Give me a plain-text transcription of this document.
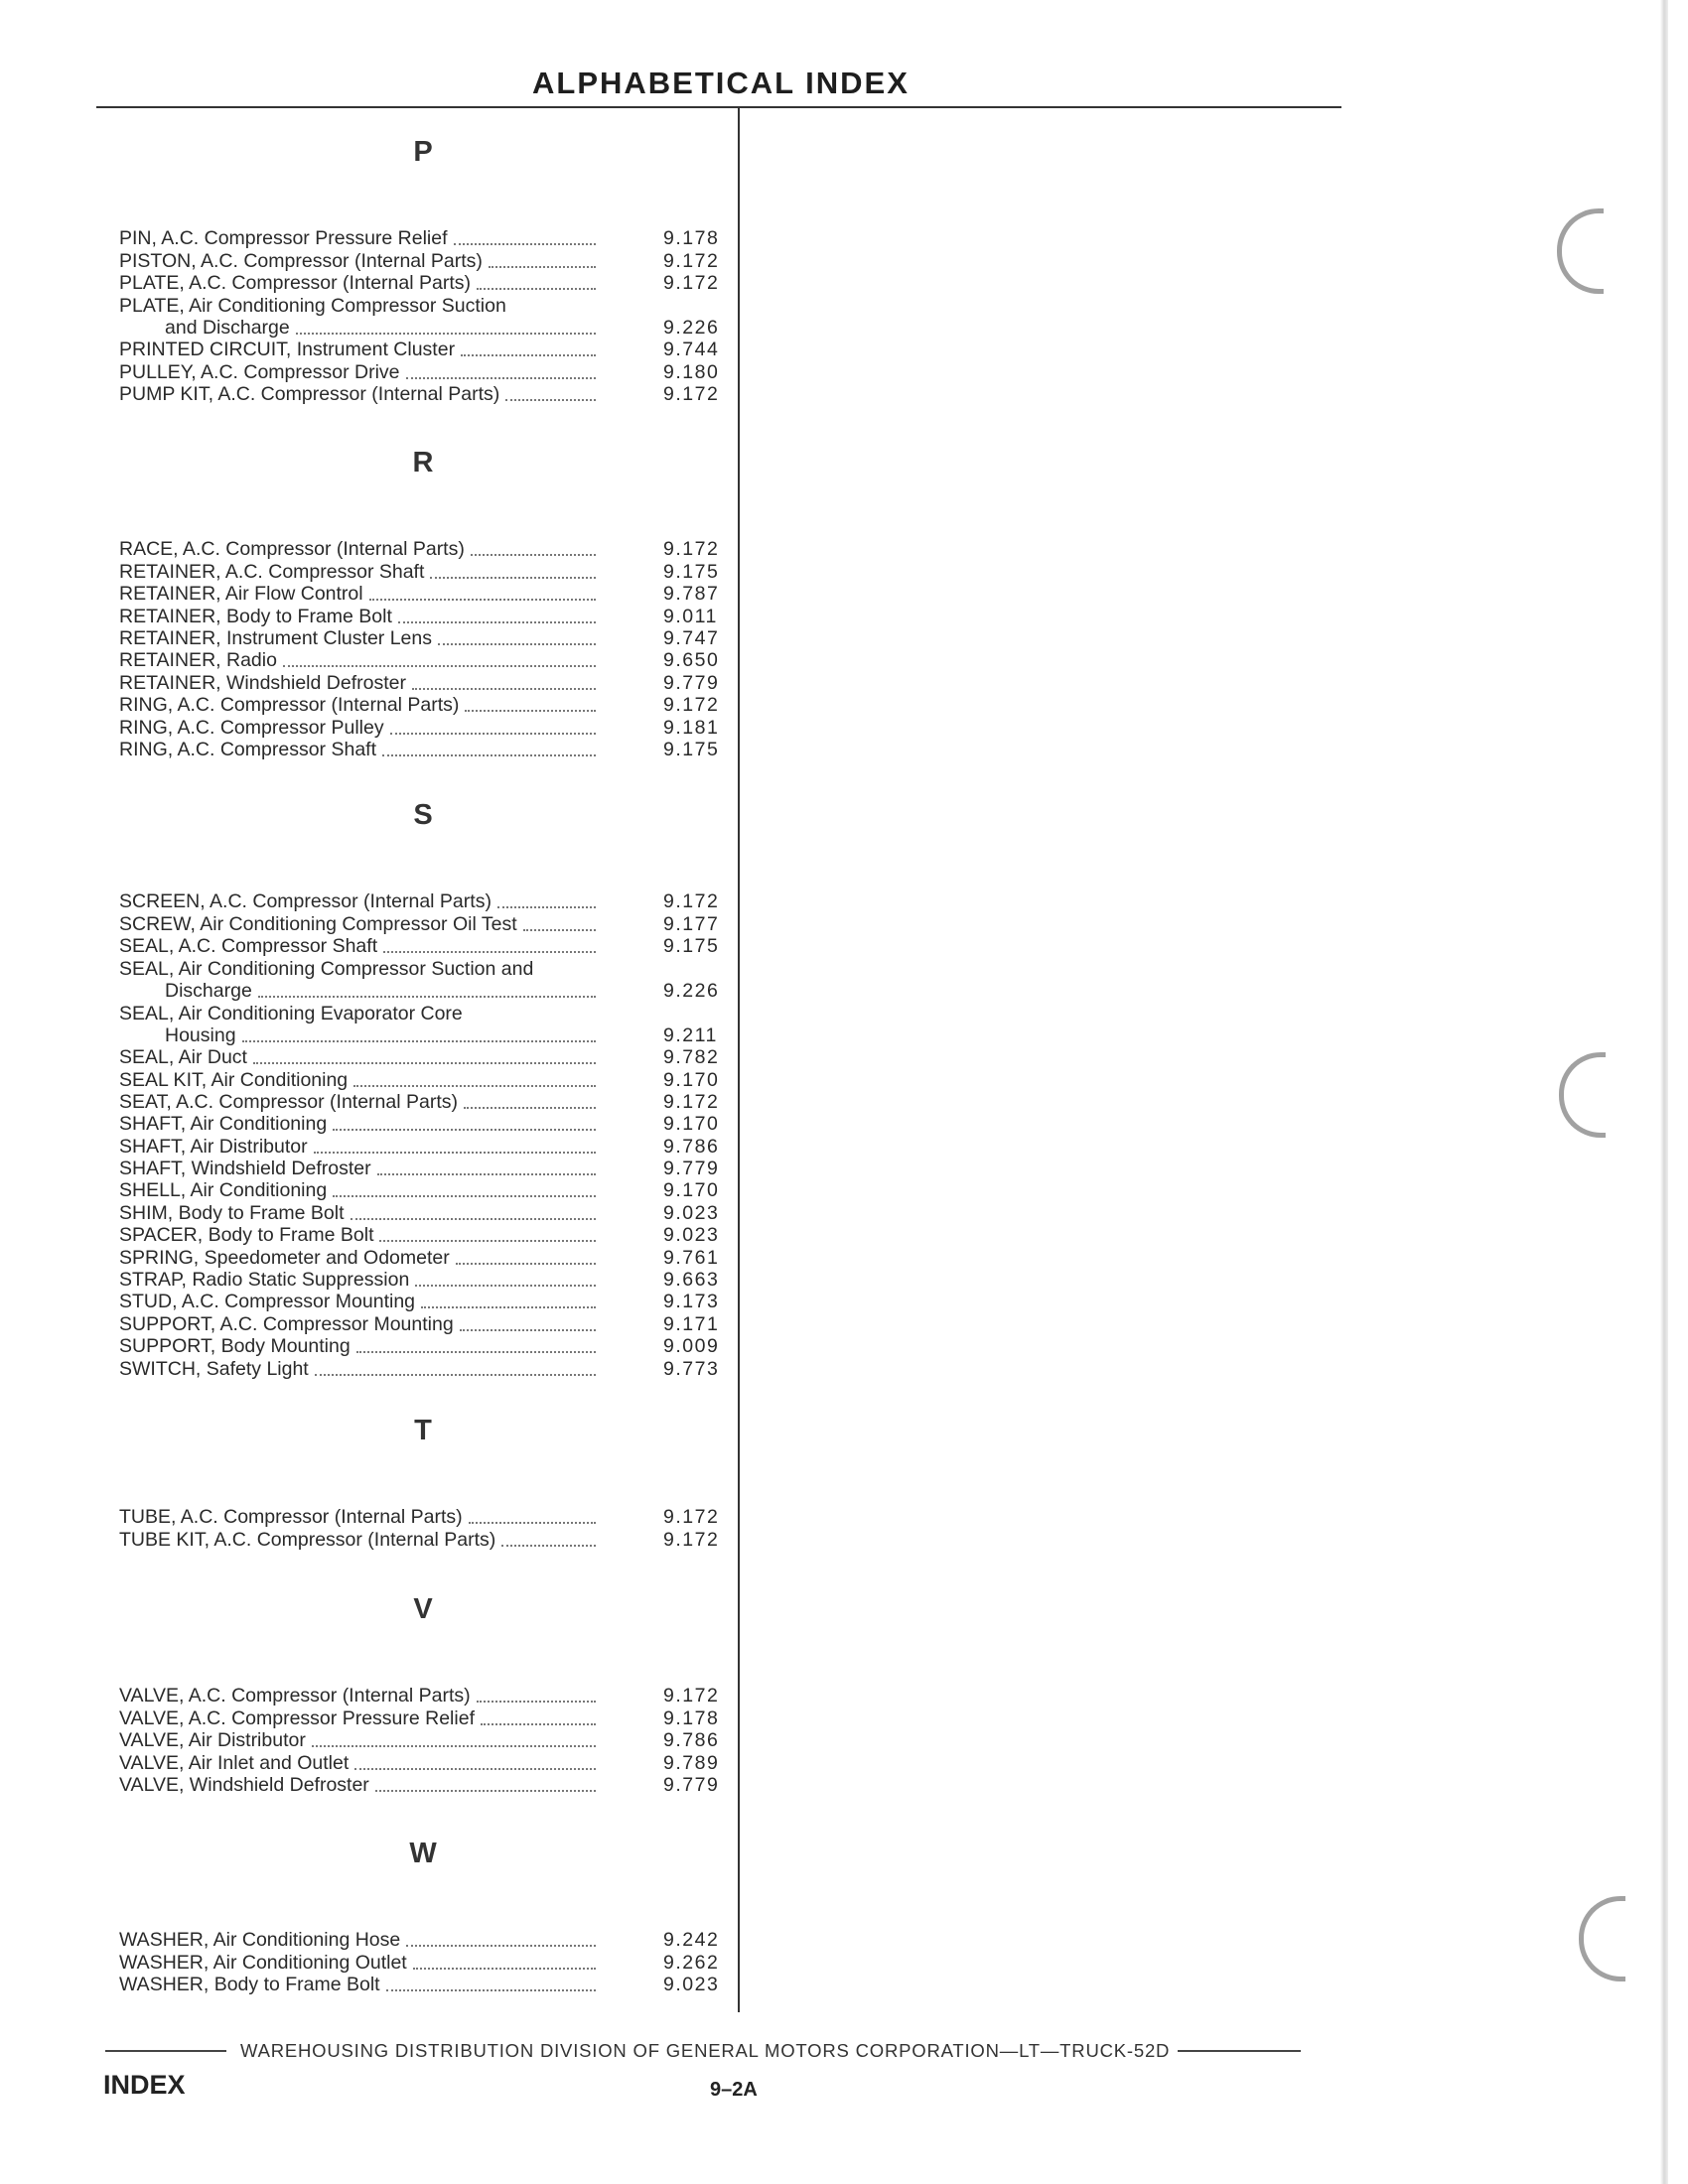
ALPHABETICAL INDEX
P
PIN, A.C. Compressor Pressure Relief	9.178
PISTON, A.C. Compressor (Internal Parts)	9.172
PLATE, A.C. Compressor (Internal Parts)	9.172
PLATE, Air Conditioning Compressor Suction
and Discharge	9.226
PRINTED CIRCUIT, Instrument Cluster	9.744
PULLEY, A.C. Compressor Drive	9.180
PUMP KIT, A.C. Compressor (Internal Parts)	9.172
R
RACE, A.C. Compressor (Internal Parts)	9.172
RETAINER, A.C. Compressor Shaft	9.175
RETAINER, Air Flow Control	9.787
RETAINER, Body to Frame Bolt	9.011
RETAINER, Instrument Cluster Lens	9.747
RETAINER, Radio	9.650
RETAINER, Windshield Defroster	9.779
RING, A.C. Compressor (Internal Parts)	9.172
RING, A.C. Compressor Pulley	9.181
RING, A.C. Compressor Shaft	9.175
S
SCREEN, A.C. Compressor (Internal Parts)	9.172
SCREW, Air Conditioning Compressor Oil Test	9.177
SEAL, A.C. Compressor Shaft	9.175
SEAL, Air Conditioning Compressor Suction and
Discharge	9.226
SEAL, Air Conditioning Evaporator Core
Housing	9.211
SEAL, Air Duct	9.782
SEAL KIT, Air Conditioning	9.170
SEAT, A.C. Compressor (Internal Parts)	9.172
SHAFT, Air Conditioning	9.170
SHAFT, Air Distributor	9.786
SHAFT, Windshield Defroster	9.779
SHELL, Air Conditioning	9.170
SHIM, Body to Frame Bolt	9.023
SPACER, Body to Frame Bolt	9.023
SPRING, Speedometer and Odometer	9.761
STRAP, Radio Static Suppression	9.663
STUD, A.C. Compressor Mounting	9.173
SUPPORT, A.C. Compressor Mounting	9.171
SUPPORT, Body Mounting	9.009
SWITCH, Safety Light	9.773
T
TUBE, A.C. Compressor (Internal Parts)	9.172
TUBE KIT, A.C. Compressor (Internal Parts)	9.172
V
VALVE, A.C. Compressor (Internal Parts)	9.172
VALVE, A.C. Compressor Pressure Relief	9.178
VALVE, Air Distributor	9.786
VALVE, Air Inlet and Outlet	9.789
VALVE, Windshield Defroster	9.779
W
WASHER, Air Conditioning Hose	9.242
WASHER, Air Conditioning Outlet	9.262
WASHER, Body to Frame Bolt	9.023
WAREHOUSING DISTRIBUTION DIVISION OF GENERAL MOTORS CORPORATION—LT—TRUCK-52D
INDEX	9–2A
